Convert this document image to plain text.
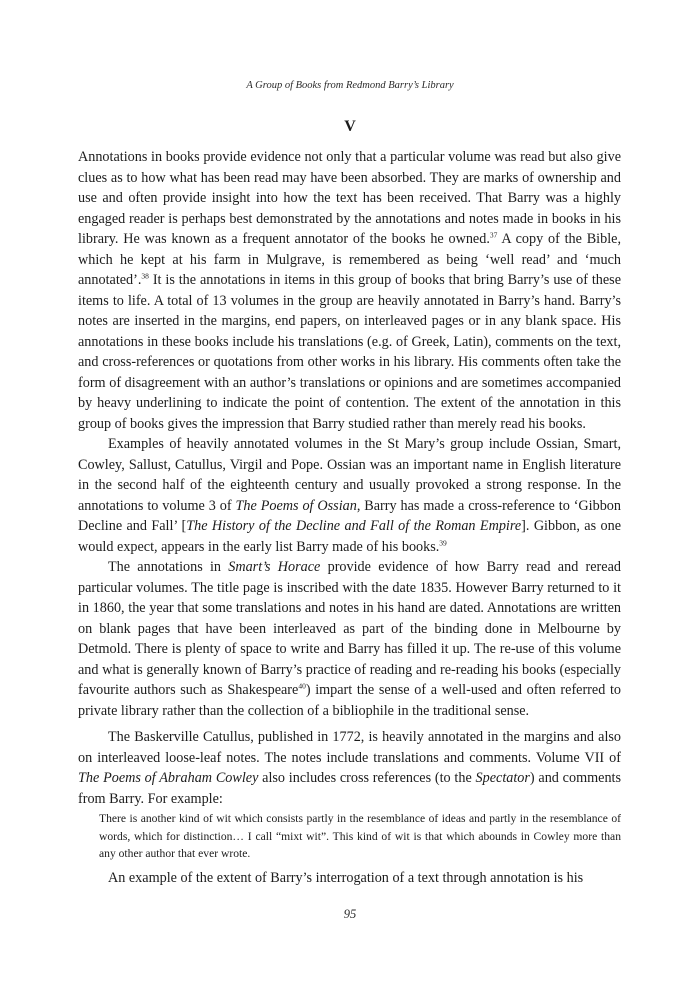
A Group of Books from Redmond Barry’s Library
V

Annotations in books provide evidence not only that a particular volume was read but also give clues as to how what has been read may have been absorbed. They are marks of ownership and use and often provide insight into how the text has been received. That Barry was a highly engaged reader is perhaps best demonstrated by the annotations and notes made in books in his library. He was known as a frequent annotator of the books he owned.$^{37}$ A copy of the Bible, which he kept at his farm in Mulgrave, is remembered as being ‘well read’ and ‘much annotated’.$^{38}$ It is the annotations in items in this group of books that bring Barry’s use of these items to life. A total of 13 volumes in the group are heavily annotated in Barry’s hand. Barry’s notes are inserted in the margins, end papers, on interleaved pages or in any blank space. His annotations in these books include his translations (e.g. of Greek, Latin), comments on the text, and cross-references or quotations from other works in his library. His comments often take the form of disagreement with an author’s translations or opinions and are sometimes accompanied by heavy underlining to indicate the point of contention. The extent of the annotation in this group of books gives the impression that Barry studied rather than merely read his books.

Examples of heavily annotated volumes in the St Mary’s group include Ossian, Smart, Cowley, Sallust, Catullus, Virgil and Pope. Ossian was an important name in English literature in the second half of the eighteenth century and usually provoked a strong response. In the annotations to volume 3 of The Poems of Ossian, Barry has made a cross-reference to ‘Gibbon Decline and Fall’ [The History of the Decline and Fall of the Roman Empire]. Gibbon, as one would expect, appears in the early list Barry made of his books.$^{39}$

The annotations in Smart’s Horace provide evidence of how Barry read and reread particular volumes. The title page is inscribed with the date 1835. However Barry returned to it in 1860, the year that some translations and notes in his hand are dated. Annotations are written on blank pages that have been interleaved as part of the binding done in Melbourne by Detmold. There is plenty of space to write and Barry has filled it up. The re-use of this volume and what is generally known of Barry’s practice of reading and re-reading his books (especially favourite authors such as Shakespeare$^{40}$) impart the sense of a well-used and often referred to private library rather than the collection of a bibliophile in the traditional sense.

The Baskerville Catullus, published in 1772, is heavily annotated in the margins and also on interleaved loose-leaf notes. The notes include translations and comments. Volume VII of The Poems of Abraham Cowley also includes cross references (to the Spectator) and comments from Barry. For example:

There is another kind of wit which consists partly in the resemblance of ideas and partly in the resemblance of words, which for distinction… I call “mixt wit”. This kind of wit is that which abounds in Cowley more than any other author that ever wrote.

An example of the extent of Barry’s interrogation of a text through annotation is his

95
